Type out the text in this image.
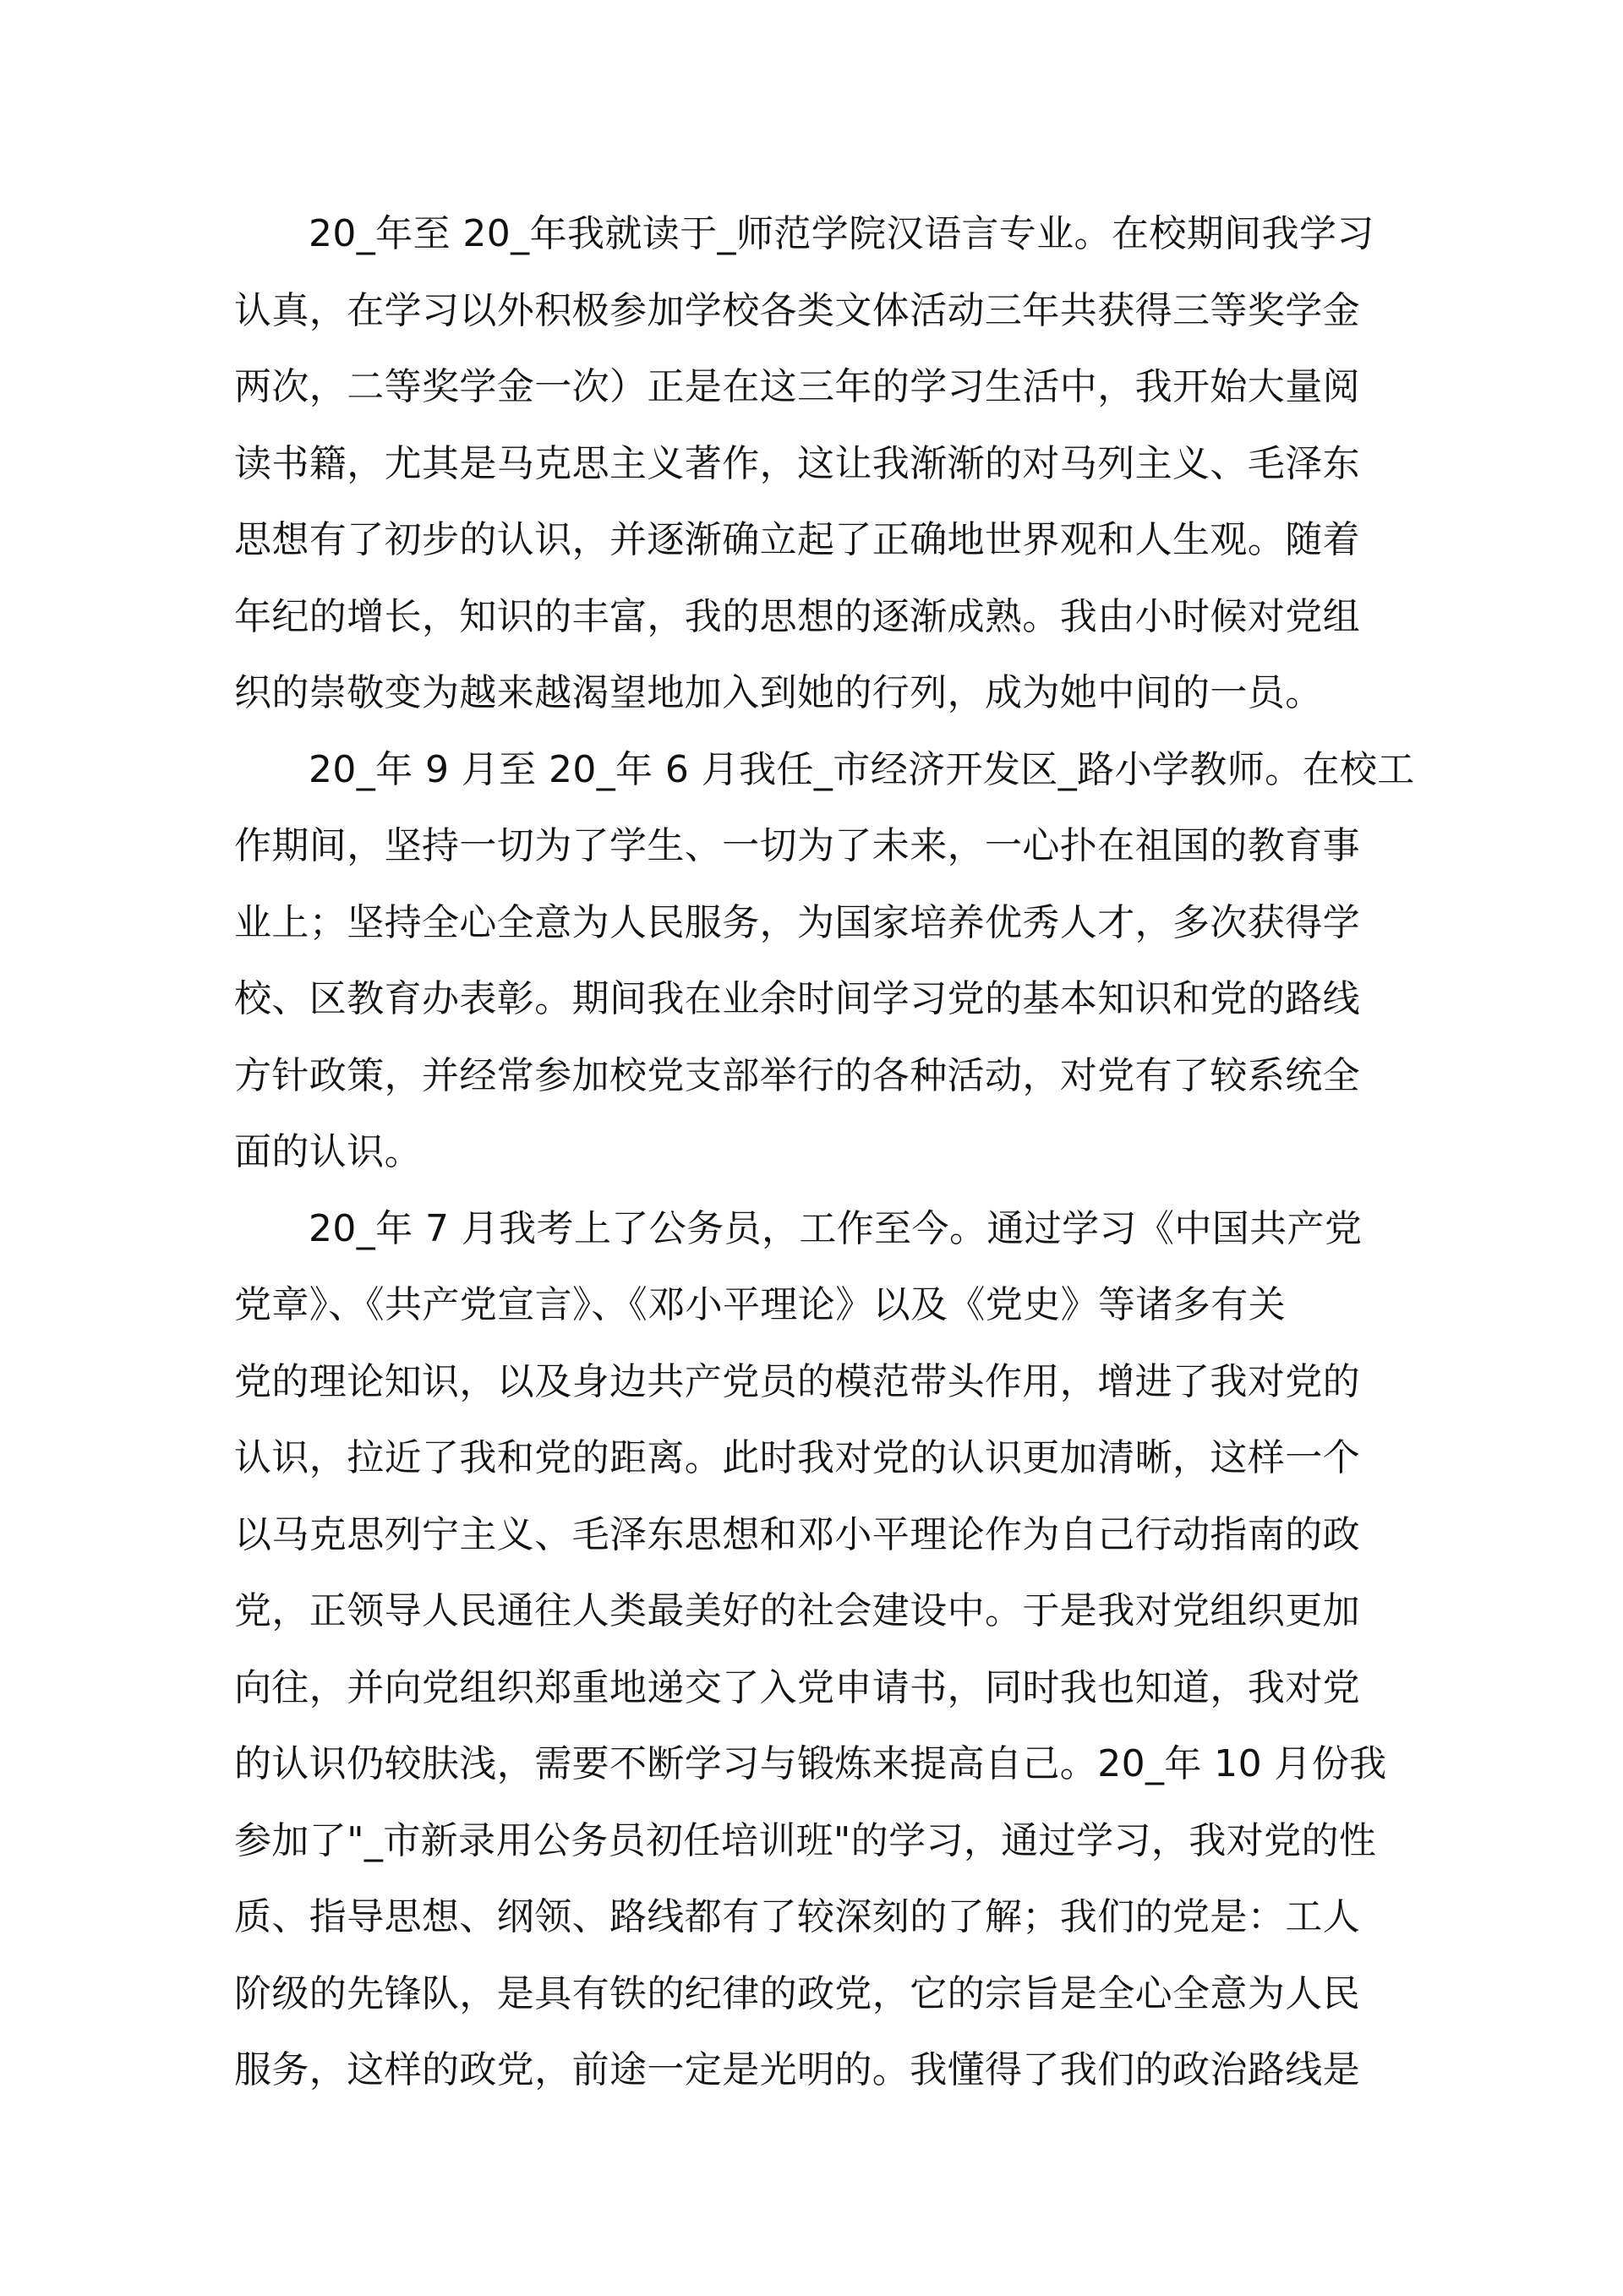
20_年至 20_年我就读于_师范学院汉语言专业。在校期间我学习
认真，在学习以外积极参加学校各类文体活动三年共获得三等奖学金
两次，二等奖学金一次）正是在这三年的学习生活中，我开始大量阅
读书籍，尤其是马克思主义著作，这让我渐渐的对马列主义、毛泽东
思想有了初步的认识，并逐渐确立起了正确地世界观和人生观。随着
年纪的增长，知识的丰富，我的思想的逐渐成熟。我由小时候对党组
织的崇敬变为越来越渴望地加入到她的行列，成为她中间的一员。
20_年 9 月至 20_年 6 月我任_市经济开发区_路小学教师。在校工
作期间，坚持一切为了学生、一切为了未来，一心扑在祖国的教育事
业上；坚持全心全意为人民服务，为国家培养优秀人才，多次获得学
校、区教育办表彰。期间我在业余时间学习党的基本知识和党的路线
方针政策，并经常参加校党支部举行的各种活动，对党有了较系统全
面的认识。
20_年 7 月我考上了公务员，工作至今。通过学习《中国共产党
党章》、《共产党宣言》、《邓小平理论》以及《党史》等诸多有关
党的理论知识，以及身边共产党员的模范带头作用，增进了我对党的
认识，拉近了我和党的距离。此时我对党的认识更加清晰，这样一个
以马克思列宁主义、毛泽东思想和邓小平理论作为自己行动指南的政
党，正领导人民通往人类最美好的社会建设中。于是我对党组织更加
向往，并向党组织郑重地递交了入党申请书，同时我也知道，我对党
的认识仍较肤浅，需要不断学习与锻炼来提高自己。20_年 10 月份我
参加了"_市新录用公务员初任培训班"的学习，通过学习，我对党的性
质、指导思想、纲领、路线都有了较深刻的了解；我们的党是：工人
阶级的先锋队，是具有铁的纪律的政党，它的宗旨是全心全意为人民
服务，这样的政党，前途一定是光明的。我懂得了我们的政治路线是
